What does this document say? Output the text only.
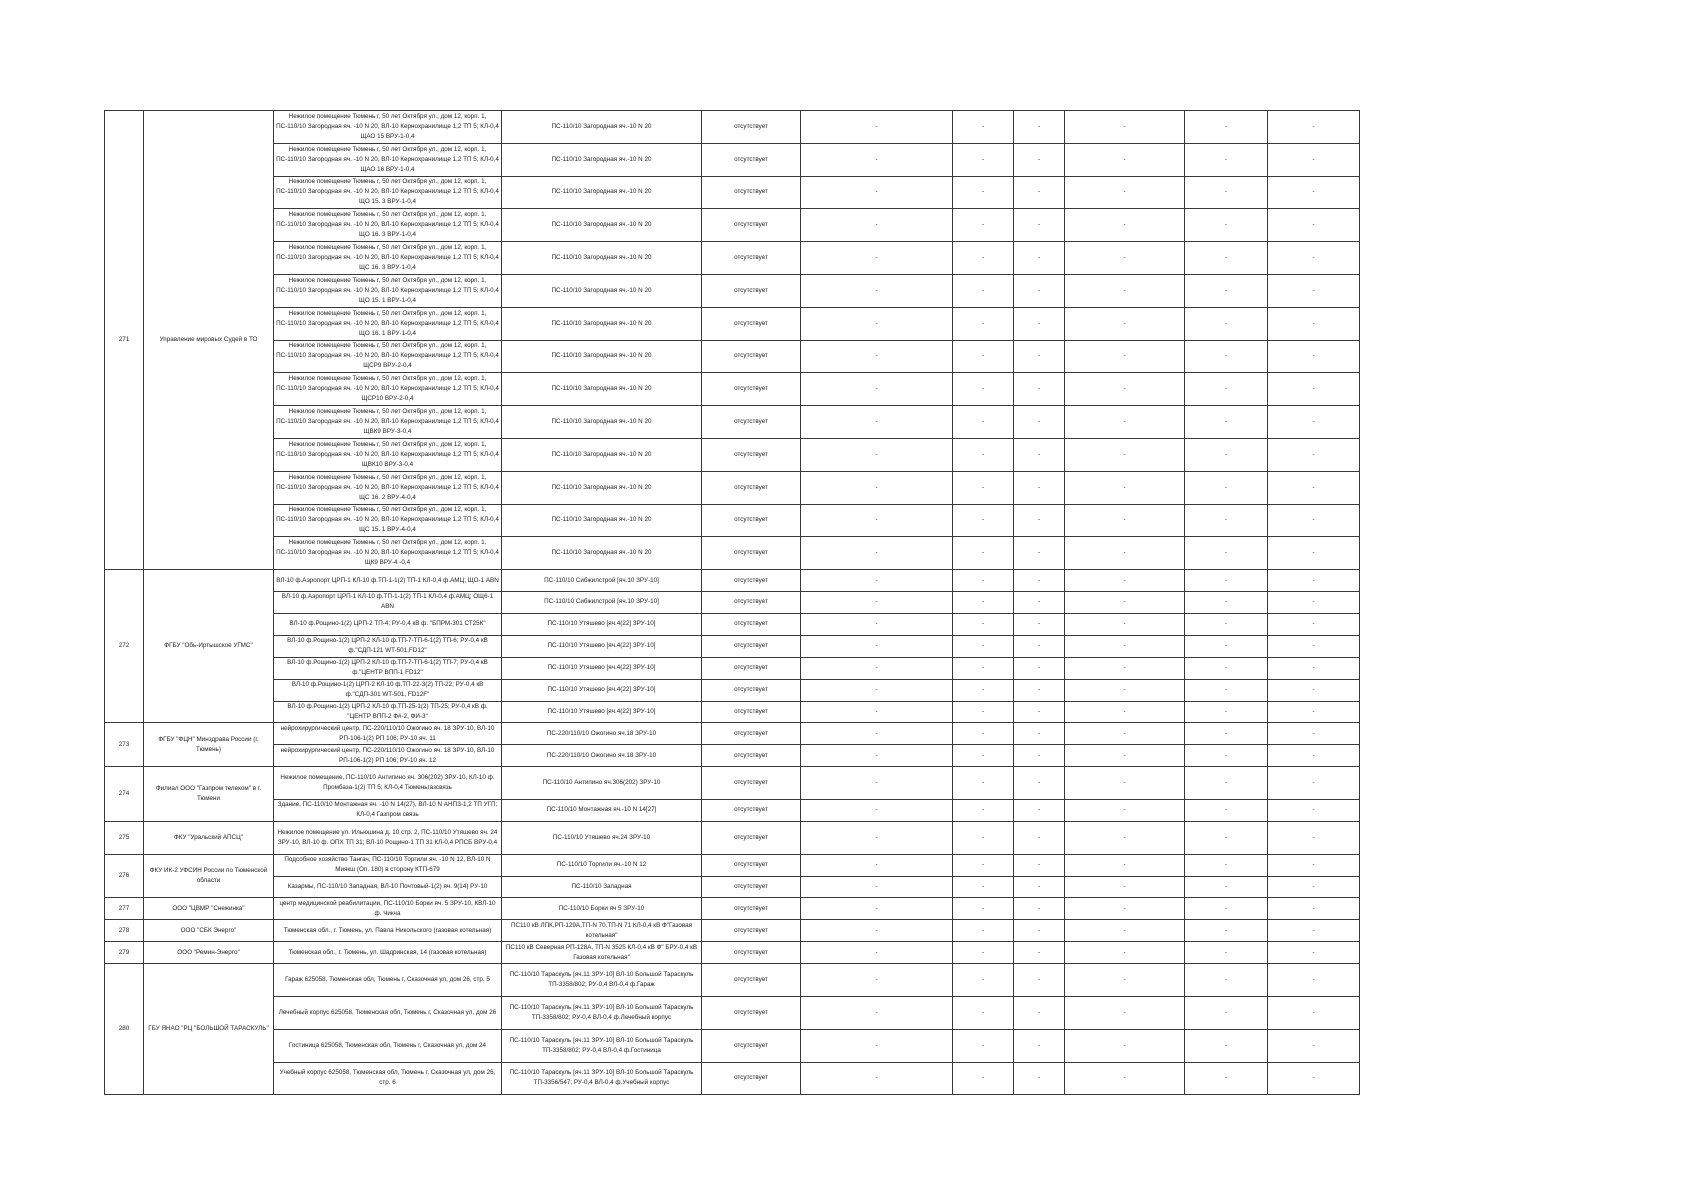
271	Управление мировых Судей в ТО	Нежилое помещение Тюмень г, 50 лет Октября ул., дом 12, корп. 1, ПС-110/10 Загородная яч. -10 N 20, ВЛ-10 Кернохранилище 1,2 ТП 5; КЛ-0,4 ЩАО 15 ВРУ-1-0,4	ПС-110/10 Загородная яч.-10 N 20	отсутствует	-	-	-	-	-	-
		Нежилое помещение Тюмень г, 50 лет Октября ул., дом 12, корп. 1, ПС-110/10 Загородная яч. -10 N 20, ВЛ-10 Кернохранилище 1,2 ТП 5; КЛ-0,4 ЩАО 16 ВРУ-1-0,4	ПС-110/10 Загородная яч.-10 N 20	отсутствует	-	-	-	-	-	-
		Нежилое помещение Тюмень г, 50 лет Октября ул., дом 12, корп. 1, ПС-110/10 Загородная яч. -10 N 20, ВЛ-10 Кернохранилище 1,2 ТП 5; КЛ-0,4 ЩО 15. 3 ВРУ-1-0,4	ПС-110/10 Загородная яч.-10 N 20	отсутствует	-	-	-	-	-	-
		Нежилое помещение Тюмень г, 50 лет Октября ул., дом 12, корп. 1, ПС-110/10 Загородная яч. -10 N 20, ВЛ-10 Кернохранилище 1,2 ТП 5; КЛ-0,4 ЩО 16. 3 ВРУ-1-0,4	ПС-110/10 Загородная яч.-10 N 20	отсутствует	-	-	-	-	-	-
		Нежилое помещение Тюмень г, 50 лет Октября ул., дом 12, корп. 1, ПС-110/10 Загородная яч. -10 N 20, ВЛ-10 Кернохранилище 1,2 ТП 5; КЛ-0,4 ЩС 16. 3 ВРУ-1-0,4	ПС-110/10 Загородная яч.-10 N 20	отсутствует	-	-	-	-	-	-
		Нежилое помещение Тюмень г, 50 лет Октября ул., дом 12, корп. 1, ПС-110/10 Загородная яч. -10 N 20, ВЛ-10 Кернохранилище 1,2 ТП 5; КЛ-0,4 ЩО 15. 1 ВРУ-1-0,4	ПС-110/10 Загородная яч.-10 N 20	отсутствует	-	-	-	-	-	-
		Нежилое помещение Тюмень г, 50 лет Октября ул., дом 12, корп. 1, ПС-110/10 Загородная яч. -10 N 20, ВЛ-10 Кернохранилище 1,2 ТП 5; КЛ-0,4 ЩО 16. 1 ВРУ-1-0,4	ПС-110/10 Загородная яч.-10 N 20	отсутствует	-	-	-	-	-	-
		Нежилое помещение Тюмень г, 50 лет Октября ул., дом 12, корп. 1, ПС-110/10 Загородная яч. -10 N 20, ВЛ-10 Кернохранилище 1,2 ТП 5; КЛ-0,4 ЩСР9 ВРУ-2-0,4	ПС-110/10 Загородная яч.-10 N 20	отсутствует	-	-	-	-	-	-
		Нежилое помещение Тюмень г, 50 лет Октября ул., дом 12, корп. 1, ПС-110/10 Загородная яч. -10 N 20, ВЛ-10 Кернохранилище 1,2 ТП 5; КЛ-0,4 ЩСР10 ВРУ-2-0,4	ПС-110/10 Загородная яч.-10 N 20	отсутствует	-	-	-	-	-	-
		Нежилое помещение Тюмень г, 50 лет Октября ул., дом 12, корп. 1, ПС-110/10 Загородная яч. -10 N 20, ВЛ-10 Кернохранилище 1,2 ТП 5; КЛ-0,4 ЩВК9 ВРУ-3-0,4	ПС-110/10 Загородная яч.-10 N 20	отсутствует	-	-	-	-	-	-
		Нежилое помещение Тюмень г, 50 лет Октября ул., дом 12, корп. 1, ПС-110/10 Загородная яч. -10 N 20, ВЛ-10 Кернохранилище 1,2 ТП 5; КЛ-0,4 ЩВК10 ВРУ-3-0,4	ПС-110/10 Загородная яч.-10 N 20	отсутствует	-	-	-	-	-	-
		Нежилое помещение Тюмень г, 50 лет Октября ул., дом 12, корп. 1, ПС-110/10 Загородная яч. -10 N 20, ВЛ-10 Кернохранилище 1,2 ТП 5; КЛ-0,4 ЩС 16. 2 ВРУ-4-0,4	ПС-110/10 Загородная яч.-10 N 20	отсутствует	-	-	-	-	-	-
		Нежилое помещение Тюмень г, 50 лет Октября ул., дом 12, корп. 1, ПС-110/10 Загородная яч. -10 N 20, ВЛ-10 Кернохранилище 1,2 ТП 5; КЛ-0,4 ЩС 15. 1 ВРУ-4-0,4	ПС-110/10 Загородная яч.-10 N 20	отсутствует	-	-	-	-	-	-
		Нежилое помещение Тюмень г, 50 лет Октября ул., дом 12, корп. 1, ПС-110/10 Загородная яч. -10 N 20, ВЛ-10 Кернохранилище 1,2 ТП 5; КЛ-0,4 ЩК9 ВРУ-4 -0,4	ПС-110/10 Загородная яч.-10 N 20	отсутствует	-	-	-	-	-	-
272	ФГБУ "Обь-Иртышское УГМС"	ВЛ-10 ф.Аэропорт ЦРП-1 КЛ-10 ф.ТП-1-1(2) ТП-1 КЛ-0,4 ф.АМЦ; ЩО-1 АВN	ПС-110/10 Сибжилстрой [яч.10 ЗРУ-10]	отсутствует	-	-	-	-	-	-
		ВЛ-10 ф.Аэропорт ЦРП-1 КЛ-10 ф.ТП-1-1(2) ТП-1 КЛ-0,4 ф.АМЦ; ОЩ6-1 АВN	ПС-110/10 Сибжилстрой [яч.10 ЗРУ-10]	отсутствует	-	-	-	-	-	-
		ВЛ-10 ф.Рощино-1(2) ЦРП-2 ТП-4; РУ-0,4 кВ ф. "БПРМ-301 СТ25К"	ПС-110/10 Утяшево [яч.4(22] ЗРУ-10]	отсутствует	-	-	-	-	-	-
		ВЛ-10 ф.Рощино-1(2) ЦРП-2 КЛ-10 ф.ТП-7-ТП-6-1(2) ТП-6; РУ-0,4 кВ ф."СДП-121 WT-501,FD12"	ПС-110/10 Утяшево [яч.4(22] ЗРУ-10]	отсутствует	-	-	-	-	-	-
		ВЛ-10 ф.Рощино-1(2) ЦРП-2 КЛ-10 ф.ТП-7-ТП-6-1(2) ТП-7; РУ-0,4 кВ ф."ЦЕНТР ВПП-1 FD12"	ПС-110/10 Утяшево [яч.4(22] ЗРУ-10]	отсутствует	-	-	-	-	-	-
		ВЛ-10 ф.Рощино-1(2) ЦРП-2 КЛ-10 ф.ТП-22-3(2) ТП-22; РУ-0,4 кВ ф."СДП-301 WT-501, FD12F"	ПС-110/10 Утяшево [яч.4(22] ЗРУ-10]	отсутствует	-	-	-	-	-	-
		ВЛ-10 ф.Рощино-1(2) ЦРП-2 КЛ-10 ф.ТП-25-1(2) ТП-25; РУ-0,4 кВ ф. "ЦЕНТР ВПП-2 Ф#-2, ФИ-3"	ПС-110/10 Утяшево [яч.4(22] ЗРУ-10]	отсутствует	-	-	-	-	-	-
273	ФГБУ "ФЦН" Минздрава России (г. Тюмень)	нейрохирургический центр, ПС-220/110/10 Ожогино яч. 18 ЗРУ-10, ВЛ-10 РП-106-1(2) РП 106; РУ-10 яч. 11	ПС-220/110/10 Ожогино яч.18 ЗРУ-10	отсутствует	-	-	-	-	-	-
		нейрохирургический центр, ПС-220/110/10 Ожогино яч. 18 ЗРУ-10, ВЛ-10 РП-106-1(2) РП 106; РУ-10 яч. 12	ПС-220/110/10 Ожогино яч.18 ЗРУ-10	отсутствует	-	-	-	-	-	-
274	Филиал ООО "Газпром телеком" в г. Тюмени	Нежилое помещение, ПС-110/10 Антипино яч. 306(202) ЗРУ-10, КЛ-10 ф. Промбаза-1(2) ТП 5; КЛ-0,4 Тюменьгазсвязь	ПС-110/10 Антипино яч.306(202) ЗРУ-10	отсутствует	-	-	-	-	-	-
		Здание, ПС-110/10 Монтажная яч. -10 N 14(27), ВЛ-10 N АНПЗ-1,2 ТП УГП; КЛ-0,4 Газпром связь	ПС-110/10 Монтажная яч.-10 N 14[27]	отсутствует	-	-	-	-	-	-
275	ФКУ "Уральский АПСЦ"	Нежилое помещение ул. Ильюшина д. 10 стр. 2, ПС-110/10 Утяшево яч. 24 ЗРУ-10, ВЛ-10 ф. ОПХ ТП 31; ВЛ-10 Рощино-1 ТП 31 КЛ-0,4 РПСБ ВРУ-0,4	ПС-110/10 Утяшево яч.24 ЗРУ-10	отсутствует	-	-	-	-	-	-
276	ФКУ ИК-2 УФСИН России по Тюменской области	Подсобное хозяйство Тангач, ПС-110/10 Торгили яч. -10 N 12, ВЛ-10 N Миякш (Оп. 180) в сторону КТП-679	ПС-110/10 Торгили яч.-10 N 12	отсутствует	-	-	-	-	-	-
		Казармы, ПС-110/10 Западная, ВЛ-10 Почтовый-1(2) яч. 9(14) РУ-10	ПС-110/10 Западная	отсутствует	-	-	-	-	-	-
277	ООО "ЦВМР "Снежинка"	центр медицинской реабилитации, ПС-110/10 Борки яч. 5 ЗРУ-10, КВЛ-10 ф. Чикча	ПС-110/10 Борки яч 5 ЗРУ-10	отсутствует	-	-	-	-	-	-
278	ООО "СБК Энерго"	Тюменская обл., г. Тюмень, ул. Павла Никольского (газовая котельная)	ПС110 кВ ЛПК,РП-129А,ТП-N 70,ТП-N 71 КЛ-0,4 кВ Ф"Газовая котельная"	отсутствует	-	-	-	-	-	-
279	ООО "Ремин-Энерго"	Тюменская обл., г. Тюмень, ул. Шадринская, 14 (газовая котельная)	ПС110 кВ Северная РП-128А, ТП-N 3525 КЛ-0,4 кВ Ф" БРУ-0,4 кВ Газовая котельная"	отсутствует	-	-	-	-	-	-
280	ГБУ ЯНАО "РЦ "БОЛЬШОЙ ТАРАСКУЛЬ"	Гараж 625058, Тюменская обл, Тюмень г, Сказочная ул, дом 26, стр. 5	ПС-110/10 Тараскуль [яч.11 ЗРУ-10] ВЛ-10 Большой Тараскуль ТП-3358/802; РУ-0,4 ВЛ-0,4 ф.Гараж	отсутствует	-	-	-	-	-	-
		Лечебный корпус 625058, Тюменская обл, Тюмень г, Сказочная ул, дом 26	ПС-110/10 Тараскуль [яч.11 ЗРУ-10] ВЛ-10 Большой Тараскуль ТП-3358/802; РУ-0,4 ВЛ-0,4 ф.Лечебный корпус	отсутствует	-	-	-	-	-	-
		Гостиница 625058, Тюменская обл, Тюмень г, Сказочная ул, дом 24	ПС-110/10 Тараскуль [яч.11 ЗРУ-10] ВЛ-10 Большой Тараскуль ТП-3358/802; РУ-0,4 ВЛ-0,4 ф.Гостиница	отсутствует	-	-	-	-	-	-
		Учебный корпус 625058, Тюменская обл, Тюмень г, Сказочная ул, дом 26, стр. 6	ПС-110/10 Тараскуль [яч.11 ЗРУ-10] ВЛ-10 Большой Тараскуль ТП-3356/547; РУ-0,4 ВЛ-0,4 ф.Учебный корпус	отсутствует	-	-	-	-	-	-
